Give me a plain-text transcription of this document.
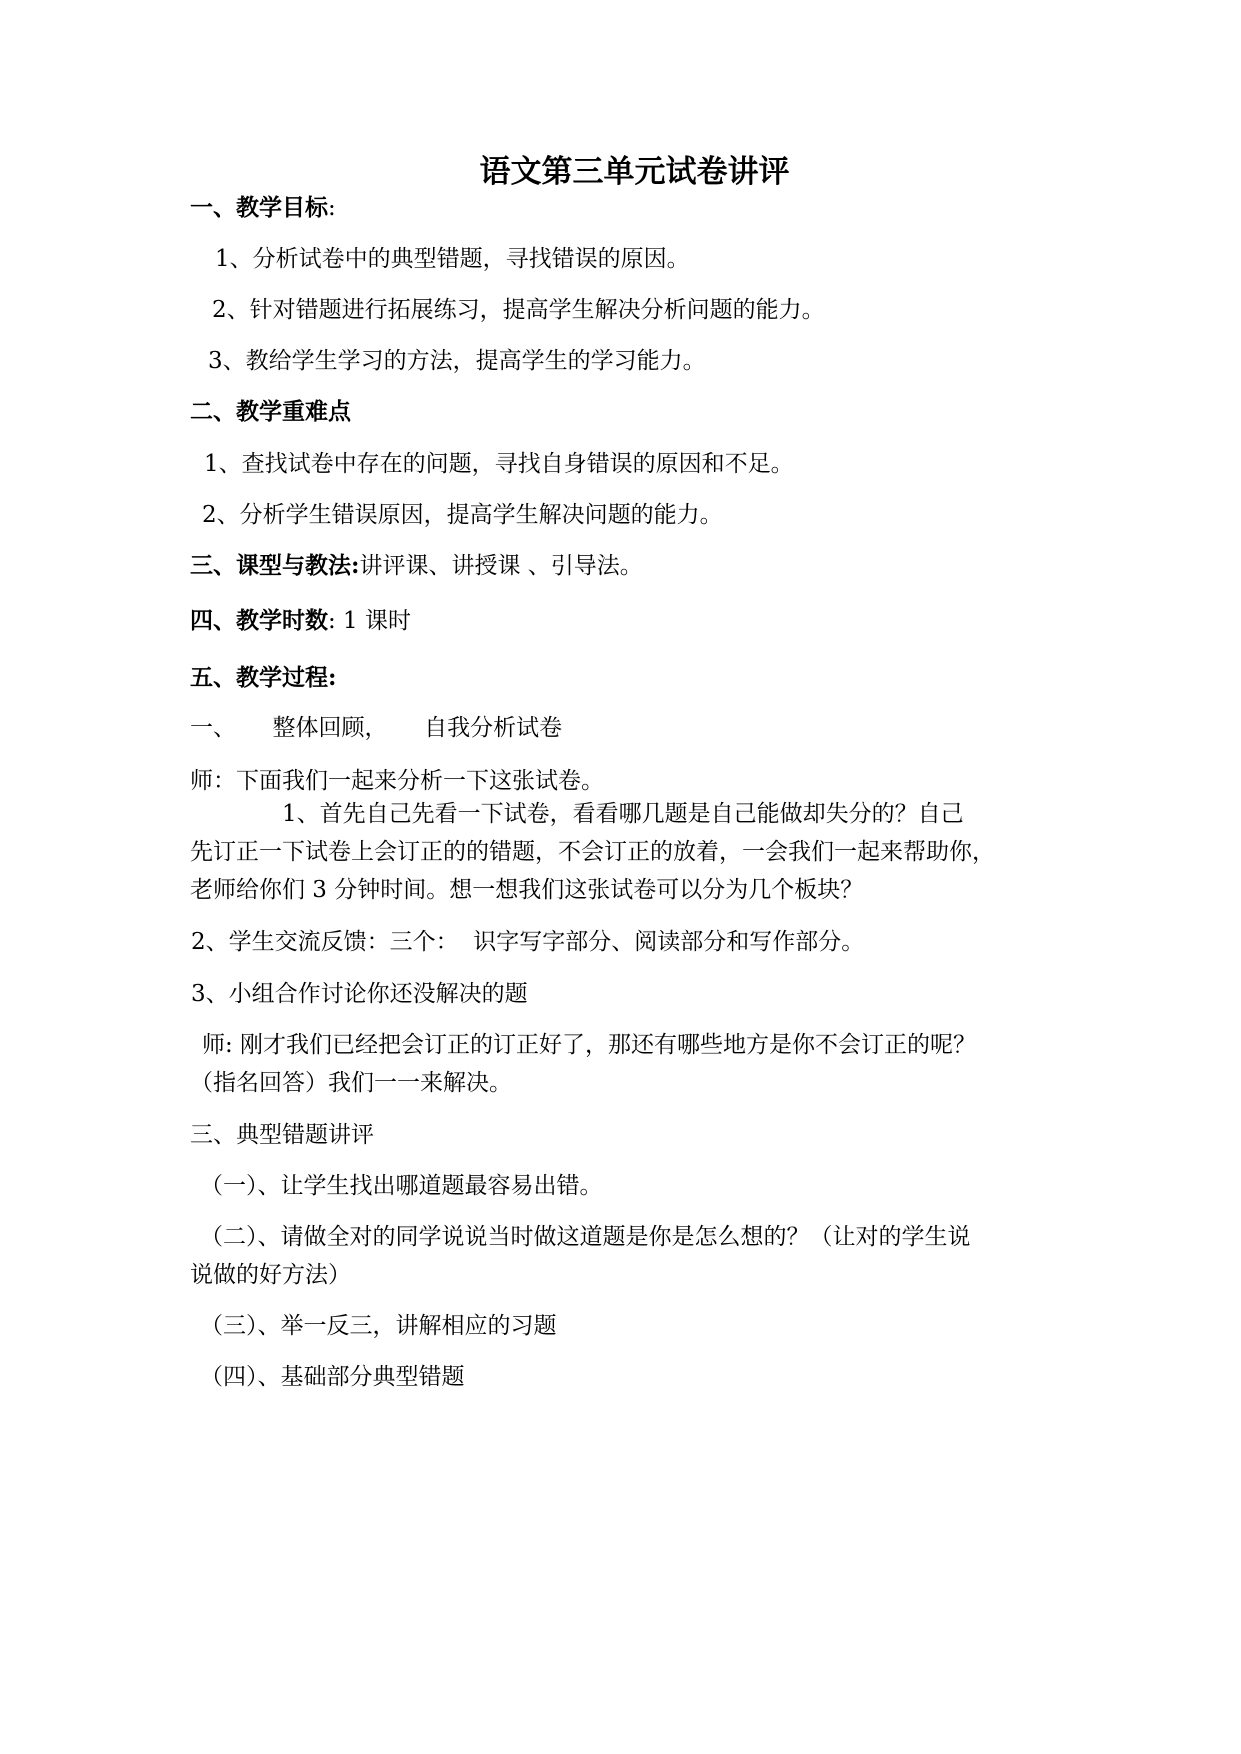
语文第三单元试卷讲评
一、教学目标:
1、分析试卷中的典型错题，寻找错误的原因。
2、针对错题进行拓展练习，提高学生解决分析问题的能力。
3、教给学生学习的方法，提高学生的学习能力。
二、教学重难点
1、查找试卷中存在的问题，寻找自身错误的原因和不足。
2、分析学生错误原因，提高学生解决问题的能力。
三、课型与教法:讲评课、讲授课 、引导法。
四、教学时数: 1 课时
五、教学过程:
一、     整体回顾，     自我分析试卷
师：下面我们一起来分析一下这张试卷。
1、首先自己先看一下试卷，看看哪几题是自己能做却失分的？自己
先订正一下试卷上会订正的的错题，不会订正的放着，一会我们一起来帮助你，
老师给你们 3 分钟时间。想一想我们这张试卷可以分为几个板块？
2、学生交流反馈：三个：  识字写字部分、阅读部分和写作部分。
3、小组合作讨论你还没解决的题
师: 刚才我们已经把会订正的订正好了，那还有哪些地方是你不会订正的呢？
（指名回答）我们一一来解决。
三、典型错题讲评
（一）、让学生找出哪道题最容易出错。
（二）、请做全对的同学说说当时做这道题是你是怎么想的？（让对的学生说
说做的好方法）
（三）、举一反三，讲解相应的习题
（四）、基础部分典型错题
